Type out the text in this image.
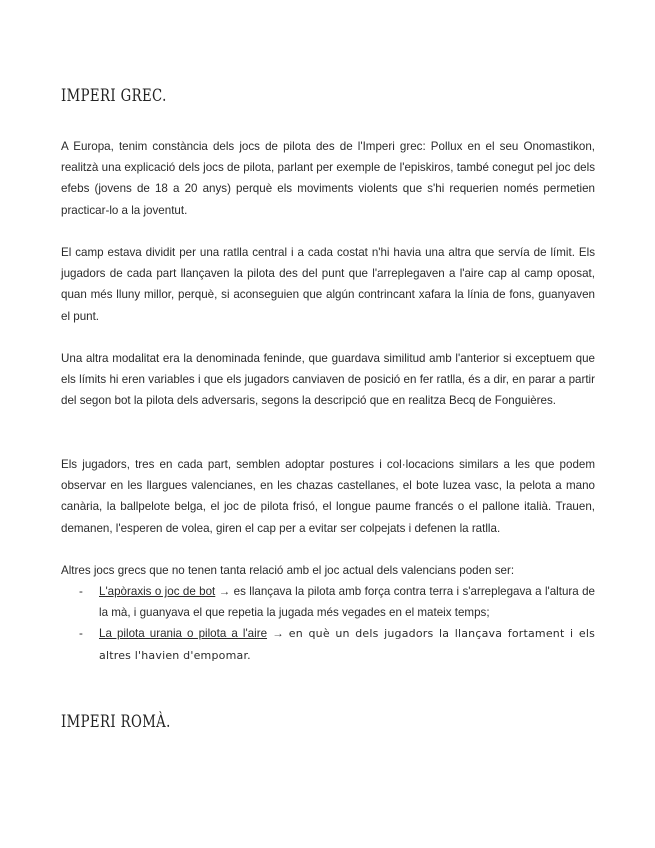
IMPERI GREC.

A Europa, tenim constància dels jocs de pilota des de l'Imperi grec: Pollux en el seu Onomastikon, realitzà una explicació dels jocs de pilota, parlant per exemple de l'episkiros, també conegut pel joc dels efebs (jovens de 18 a 20 anys) perquè els moviments violents que s'hi requerien només permetien practicar-lo a la joventut.

El camp estava dividit per una ratlla central i a cada costat n'hi havia una altra que servía de límit. Els jugadors de cada part llançaven la pilota des del punt que l'arreplegaven a l'aire cap al camp oposat, quan més lluny millor, perquè, si aconseguien que algún contrincant xafara la línia de fons, guanyaven el punt.

Una altra modalitat era la denominada feninde, que guardava similitud amb l'anterior si exceptuem que els límits hi eren variables i que els jugadors canviaven de posició en fer ratlla, és a dir, en parar a partir del segon bot la pilota dels adversaris, segons la descripció que en realitza Becq de Fonguières.

Els jugadors, tres en cada part, semblen adoptar postures i col·locacions similars a les que podem observar en les llargues valencianes, en les chazas castellanes, el bote luzea vasc, la pelota a mano canària, la ballpelote belga, el joc de pilota frisó, el longue paume francés o el pallone italià. Trauen, demanen, l'esperen de volea, giren el cap per a evitar ser colpejats i defenen la ratlla.

Altres jocs grecs que no tenen tanta relació amb el joc actual dels valencians poden ser:
- L'apòraxis o joc de bot → es llançava la pilota amb força contra terra i s'arreplegava a l'altura de la mà, i guanyava el que repetia la jugada més vegades en el mateix temps;
- La pilota urania o pilota a l'aire → en què un dels jugadors la llançava fortament i els altres l'havien d'empomar.
IMPERI ROMÀ.
